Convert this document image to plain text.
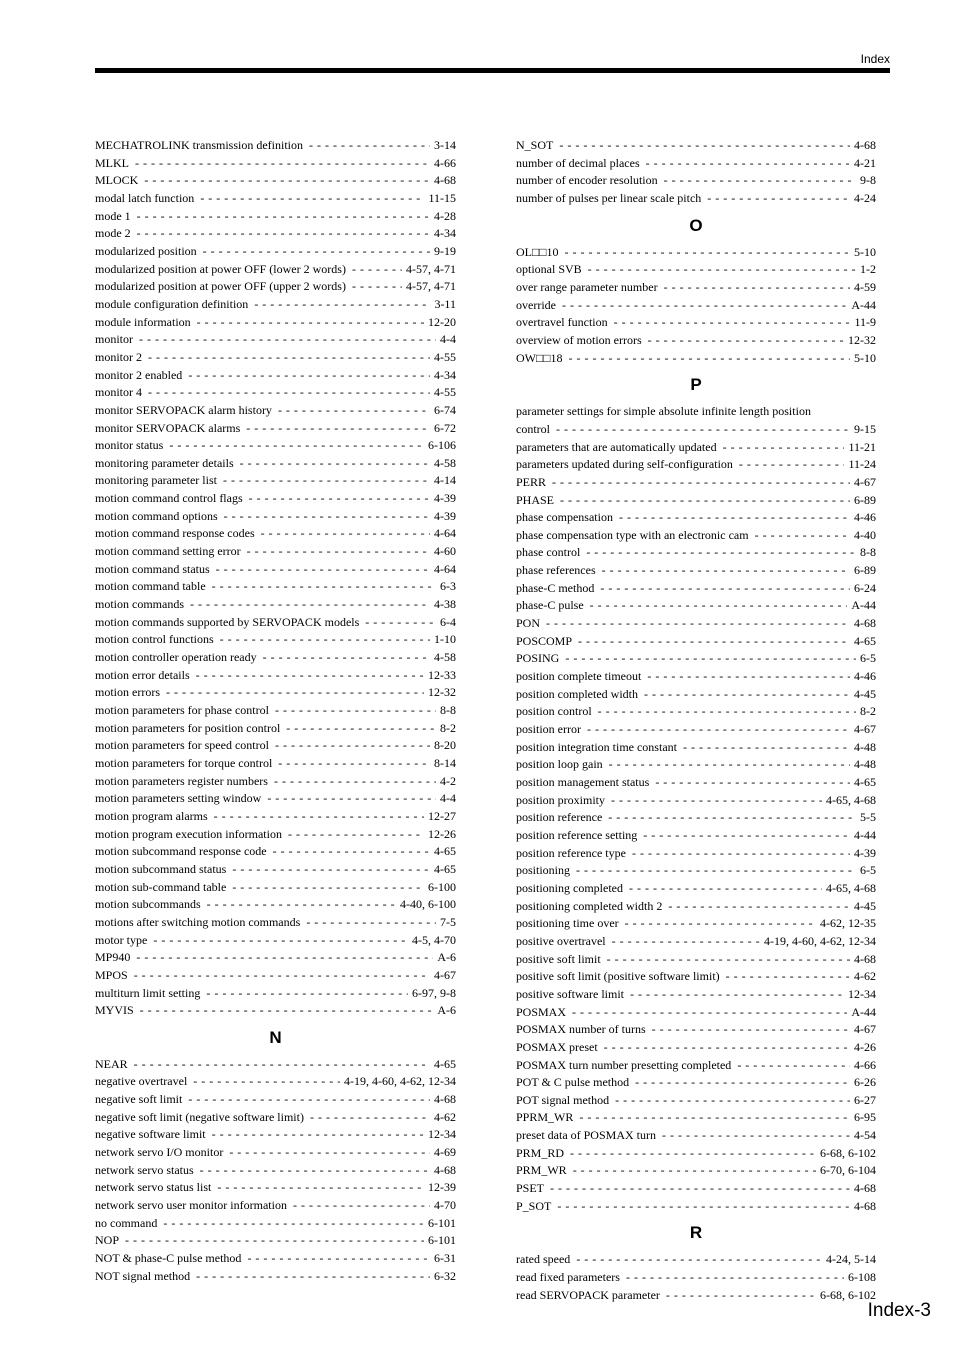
Index
MECHATROLINK transmission definition - - -	3-14
MLKL - - -	4-66
MLOCK - - -	4-68
modal latch function - - -	11-15
mode 1 - - -	4-28
mode 2 - - -	4-34
modularized position - - -	9-19
modularized position at power OFF (lower 2 words) - - -	4-57, 4-71
modularized position at power OFF (upper 2 words) - - -	4-57, 4-71
module configuration definition - - -	3-11
module information - - -	12-20
monitor - - -	4-4
monitor 2 - - -	4-55
monitor 2 enabled - - -	4-34
monitor 4 - - -	4-55
monitor SERVOPACK alarm history - - -	6-74
monitor SERVOPACK alarms - - -	6-72
monitor status - - -	6-106
monitoring parameter details - - -	4-58
monitoring parameter list - - -	4-14
motion command control flags - - -	4-39
motion command options - - -	4-39
motion command response codes - - -	4-64
motion command setting error - - -	4-60
motion command status - - -	4-64
motion command table - - -	6-3
motion commands - - -	4-38
motion commands supported by SERVOPACK models - - -	6-4
motion control functions - - -	1-10
motion controller operation ready - - -	4-58
motion error details - - -	12-33
motion errors - - -	12-32
motion parameters for phase control - - -	8-8
motion parameters for position control - - -	8-2
motion parameters for speed control - - -	8-20
motion parameters for torque control - - -	8-14
motion parameters register numbers - - -	4-2
motion parameters setting window - - -	4-4
motion program alarms - - -	12-27
motion program execution information - - -	12-26
motion subcommand response code - - -	4-65
motion subcommand status - - -	4-65
motion sub-command table - - -	6-100
motion subcommands - - -	4-40, 6-100
motions after switching motion commands - - -	7-5
motor type - - -	4-5, 4-70
MP940 - - -	A-6
MPOS - - -	4-67
multiturn limit setting - - -	6-97, 9-8
MYVIS - - -	A-6
N
NEAR - - -	4-65
negative overtravel - - -	4-19, 4-60, 4-62, 12-34
negative soft limit - - -	4-68
negative soft limit (negative software limit) - - -	4-62
negative software limit - - -	12-34
network servo I/O monitor - - -	4-69
network servo status - - -	4-68
network servo status list - - -	12-39
network servo user monitor information - - -	4-70
no command - - -	6-101
NOP - - -	6-101
NOT & phase-C pulse method - - -	6-31
NOT signal method - - -	6-32
N_SOT - - -	4-68
number of decimal places - - -	4-21
number of encoder resolution - - -	9-8
number of pulses per linear scale pitch - - -	4-24
O
OL□□10 - - -	5-10
optional SVB - - -	1-2
over range parameter number - - -	4-59
override - - -	A-44
overtravel function - - -	11-9
overview of motion errors - - -	12-32
OW□□18 - - -	5-10
P
parameter settings for simple absolute infinite length position
control - - -	9-15
parameters that are automatically updated - - -	11-21
parameters updated during self-configuration - - -	11-24
PERR - - -	4-67
PHASE - - -	6-89
phase compensation - - -	4-46
phase compensation type with an electronic cam - - -	4-40
phase control - - -	8-8
phase references - - -	6-89
phase-C method - - -	6-24
phase-C pulse - - -	A-44
PON - - -	4-68
POSCOMP - - -	4-65
POSING - - -	6-5
position complete timeout - - -	4-46
position completed width - - -	4-45
position control - - -	8-2
position error - - -	4-67
position integration time constant - - -	4-48
position loop gain - - -	4-48
position management status - - -	4-65
position proximity - - -	4-65, 4-68
position reference - - -	5-5
position reference setting - - -	4-44
position reference type - - -	4-39
positioning - - -	6-5
positioning completed - - -	4-65, 4-68
positioning completed width 2 - - -	4-45
positioning time over - - -	4-62, 12-35
positive overtravel - - -	4-19, 4-60, 4-62, 12-34
positive soft limit - - -	4-68
positive soft limit (positive software limit) - - -	4-62
positive software limit - - -	12-34
POSMAX - - -	A-44
POSMAX number of turns - - -	4-67
POSMAX preset - - -	4-26
POSMAX turn number presetting completed - - -	4-66
POT & C pulse method - - -	6-26
POT signal method - - -	6-27
PPRM_WR - - -	6-95
preset data of POSMAX turn - - -	4-54
PRM_RD - - -	6-68, 6-102
PRM_WR - - -	6-70, 6-104
PSET - - -	4-68
P_SOT - - -	4-68
R
rated speed - - -	4-24, 5-14
read fixed parameters - - -	6-108
read SERVOPACK parameter - - -	6-68, 6-102
Index-3
